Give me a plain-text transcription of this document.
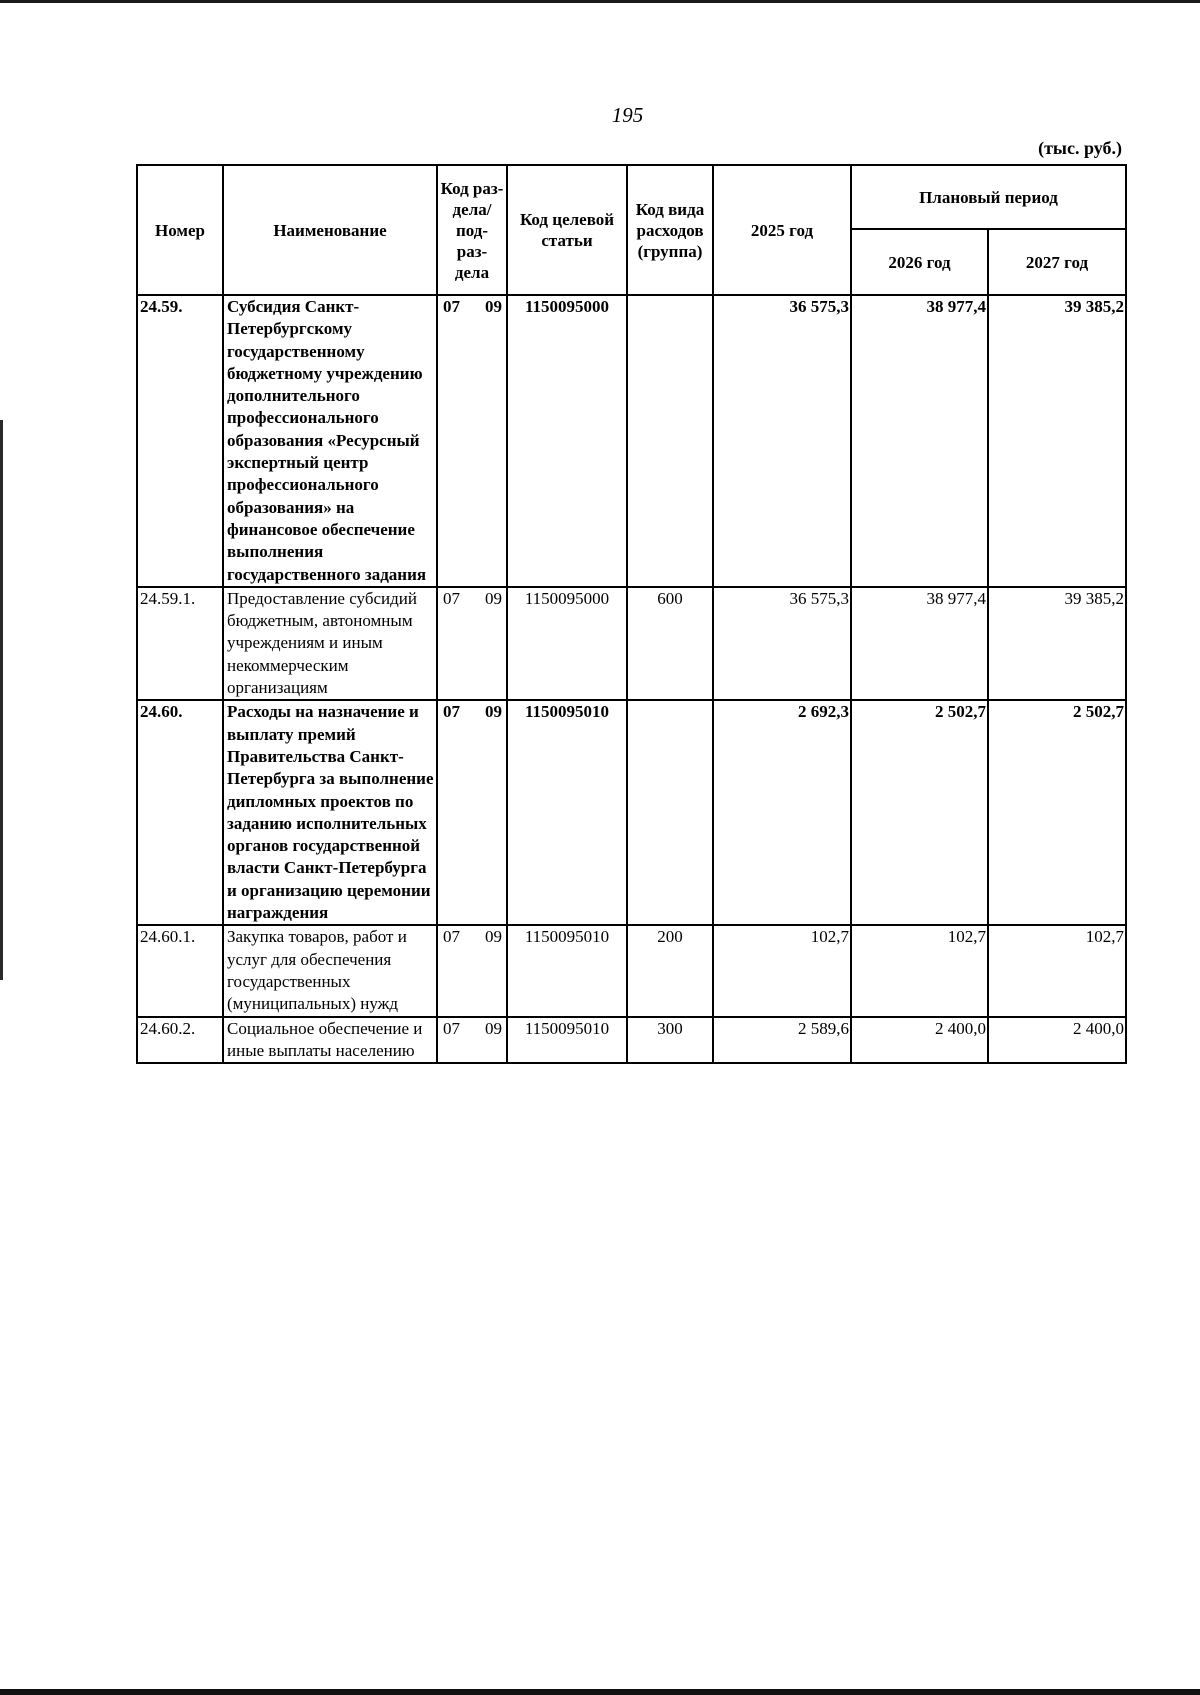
195
(тыс. руб.)
Номер	Наименование	Код раз- дела/ под- раз- дела	Код целевой статьи	Код вида расходов (группа)	2025 год	Плановый период	
						2026 год	2027 год
24.59.	Субсидия Санкт-Петербургскому государственному бюджетному учреждению дополнительного профессионального образования «Ресурсный экспертный центр профессионального образования» на финансовое обеспечение выполнения государственного задания	07 09	1150095000		36 575,3	38 977,4	39 385,2
24.59.1.	Предоставление субсидий бюджетным, автономным учреждениям и иным некоммерческим организациям	07 09	1150095000	600	36 575,3	38 977,4	39 385,2
24.60.	Расходы на назначение и выплату премий Правительства Санкт-Петербурга за выполнение дипломных проектов по заданию исполнительных органов государственной власти Санкт-Петербурга и организацию церемонии награждения	07 09	1150095010		2 692,3	2 502,7	2 502,7
24.60.1.	Закупка товаров, работ и услуг для обеспечения государственных (муниципальных) нужд	07 09	1150095010	200	102,7	102,7	102,7
24.60.2.	Социальное обеспечение и иные выплаты населению	07 09	1150095010	300	2 589,6	2 400,0	2 400,0
